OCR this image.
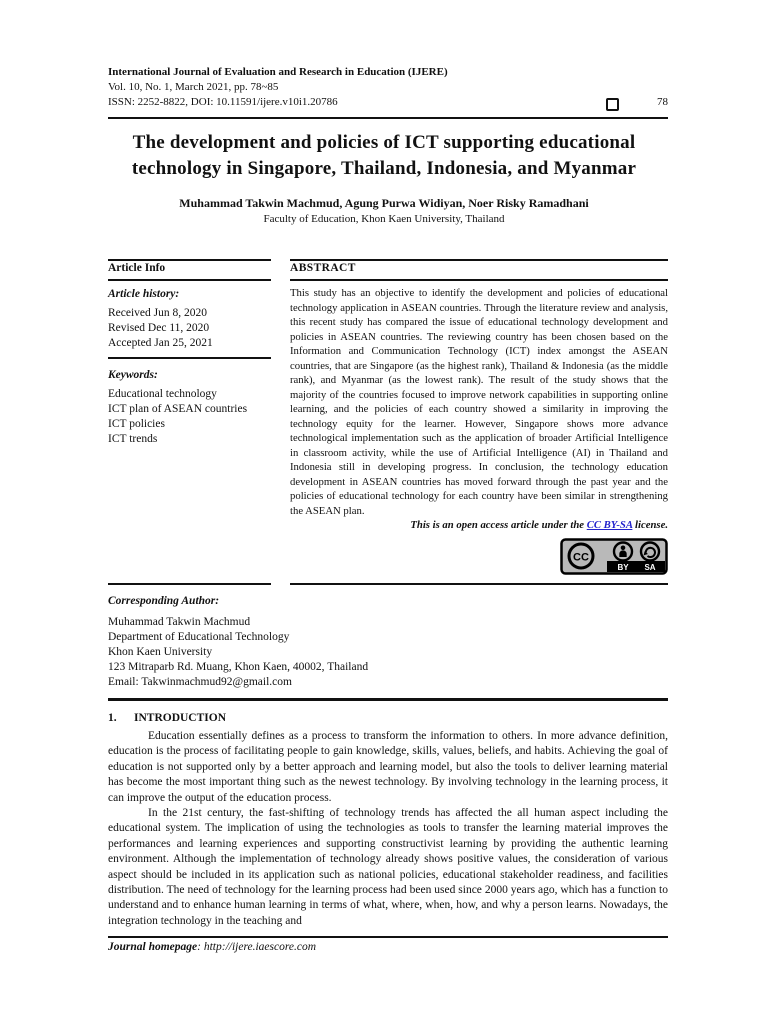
International Journal of Evaluation and Research in Education (IJERE)
Vol. 10, No. 1, March 2021, pp. 78~85
ISSN: 2252-8822, DOI: 10.11591/ijere.v10i1.20786	78
The development and policies of ICT supporting educational technology in Singapore, Thailand, Indonesia, and Myanmar
Muhammad Takwin Machmud, Agung Purwa Widiyan, Noer Risky Ramadhani
Faculty of Education, Khon Kaen University, Thailand
Article Info
Article history:
Received Jun 8, 2020
Revised Dec 11, 2020
Accepted Jan 25, 2021
Keywords:
Educational technology
ICT plan of ASEAN countries
ICT policies
ICT trends
ABSTRACT
This study has an objective to identify the development and policies of educational technology application in ASEAN countries. Through the literature review and analysis, this recent study has compared the issue of educational technology development and policies in ASEAN countries. The reviewing country has been chosen based on the Information and Communication Technology (ICT) index amongst the ASEAN countries, that are Singapore (as the highest rank), Thailand & Indonesia (as the middle rank), and Myanmar (as the lowest rank). The result of the study shows that the majority of the countries focused to improve network capabilities in supporting online learning, and the policies of each country showed a similarity in improving the technology equity for the learner. However, Singapore shows more advance technological implementation such as the application of broader Artificial Intelligence in classroom activity, while the use of Artificial Intelligence (AI) in Thailand and Indonesia still in developing progress. In conclusion, the technology education development in ASEAN countries has moved forward through the past year and the policies of educational technology for each country have been similar in strengthening the ASEAN plan.
This is an open access article under the CC BY-SA license.
CC
BY SA
Corresponding Author:
Muhammad Takwin Machmud
Department of Educational Technology
Khon Kaen University
123 Mitraparb Rd. Muang, Khon Kaen, 40002, Thailand
Email: Takwinmachmud92@gmail.com
1. INTRODUCTION

Education essentially defines as a process to transform the information to others. In more advance definition, education is the process of facilitating people to gain knowledge, skills, values, beliefs, and habits. Achieving the goal of education is not supported only by a better approach and learning model, but also the tools to deliver learning material has become the most important thing such as the newest technology. By involving technology in the learning process, it can improve the output of the education process.

In the 21st century, the fast-shifting of technology trends has affected the all human aspect including the educational system. The implication of using the technologies as tools to transfer the learning material improves the performances and learning experiences and supporting constructivist learning by providing the authentic learning environment. Although the implementation of technology already shows positive values, the consideration of various aspect should be included in its application such as national policies, educational stakeholder readiness, and facilities distribution. The need of technology for the learning process had been used since 2000 years ago, which has a function to understand and to enhance human learning in terms of what, where, when, how, and why a person learns. Nowadays, the integration technology in the teaching and

Journal homepage: http://ijere.iaescore.com
